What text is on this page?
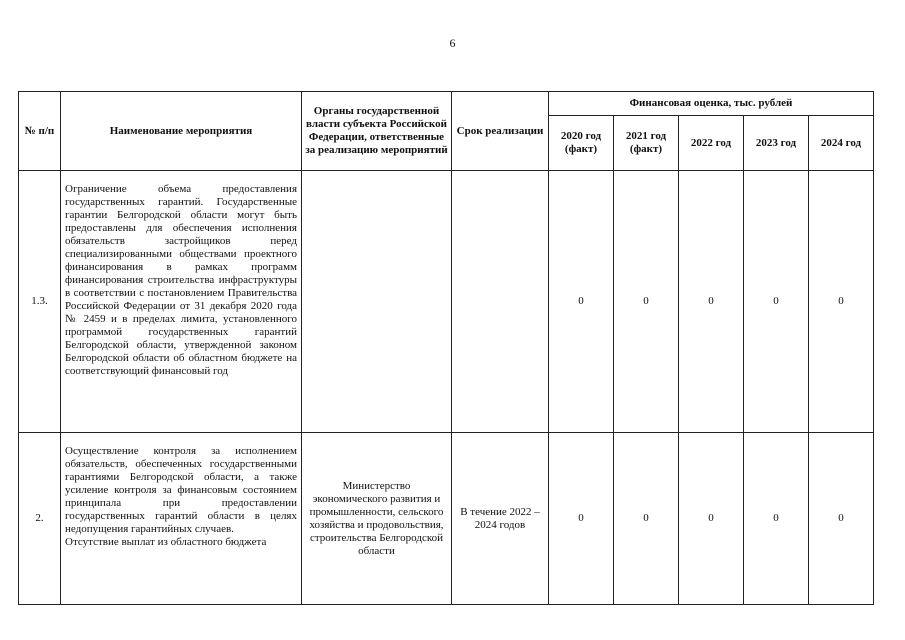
6
№ п/п	Наименование мероприятия	Органы государственной власти субъекта Российской Федерации, ответственные за реализацию мероприятий	Срок реализации	Финансовая оценка, тыс. рублей				
				2020 год (факт)	2021 год (факт)	2022 год	2023 год	2024 год
1.3.	Ограничение объема предоставления государственных гарантий. Государственные гарантии Белгородской области могут быть предоставлены для обеспечения исполнения обязательств застройщиков перед специализированными обществами проектного финансирования в рамках программ финансирования строительства инфраструктуры в соответствии с постановлением Правительства Российской Федерации от 31 декабря 2020 года № 2459 и в пределах лимита, установленного программой государственных гарантий Белгородской области, утвержденной законом Белгородской области об областном бюджете на соответствующий финансовый год			0	0	0	0	0
2.	Осуществление контроля за исполнением обязательств, обеспеченных государственными гарантиями Белгородской области, а также усиление контроля за финансовым состоянием принципала при предоставлении государственных гарантий области в целях недопущения гарантийных случаев.
Отсутствие выплат из областного бюджета	Министерство экономического развития и промышленности, сельского хозяйства и продовольствия, строительства Белгородской области	В течение 2022 – 2024 годов	0	0	0	0	0
